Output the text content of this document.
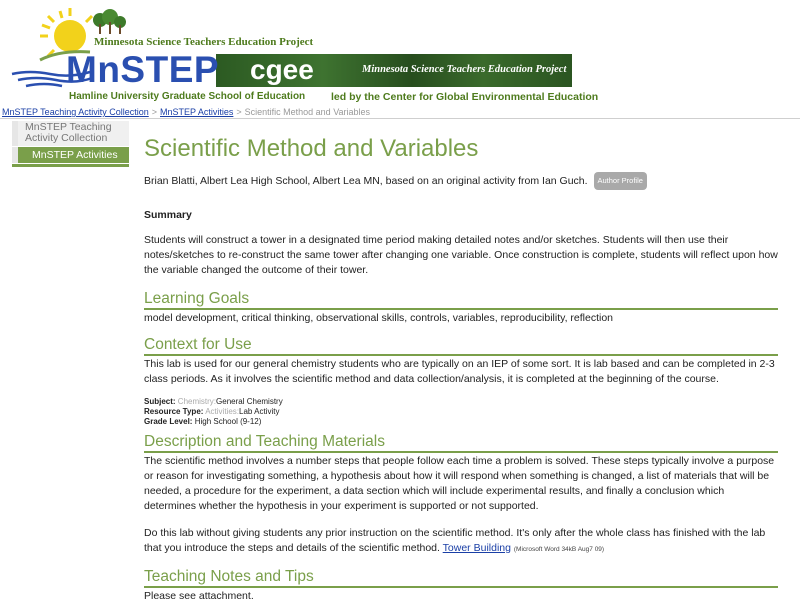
cgee	Minnesota Science Teachers Education Project
Minnesota Science Teachers Education Project
MnSTEP
Hamline University Graduate School of Education led by the Center for Global Environmental Education
MnSTEP Teaching Activity Collection > MnSTEP Activities > Scientific Method and Variables
MnSTEP Teaching Activity Collection
MnSTEP Activities	Scientific Method and Variables
Brian Blatti, Albert Lea High School, Albert Lea MN, based on an original activity from Ian Guch. Author Profile
Summary

Students will construct a tower in a designated time period making detailed notes and/or sketches. Students will then use their notes/sketches to re-construct the same tower after changing one variable. Once construction is complete, students will reflect upon how the variable changed the outcome of their tower.

Learning Goals

model development, critical thinking, observational skills, controls, variables, reproducibility, reflection

Context for Use

This lab is used for our general chemistry students who are typically on an IEP of some sort. It is lab based and can be completed in 2-3 class periods. As it involves the scientific method and data collection/analysis, it is completed at the beginning of the course.

Subject: Chemistry:General Chemistry
Resource Type: Activities:Lab Activity
Grade Level: High School (9-12)
Description and Teaching Materials

The scientific method involves a number steps that people follow each time a problem is solved. These steps typically involve a purpose or reason for investigating something, a hypothesis about how it will respond when something is changed, a list of materials that will be needed, a procedure for the experiment, a data section which will include experimental results, and finally a conclusion which determines whether the hypothesis in your experiment is supported or not supported.

Do this lab without giving students any prior instruction on the scientific method. It's only after the whole class has finished with the lab that you introduce the steps and details of the scientific method. Tower Building (Microsoft Word 34kB Aug7 09)

Teaching Notes and Tips

Please see attachment.
